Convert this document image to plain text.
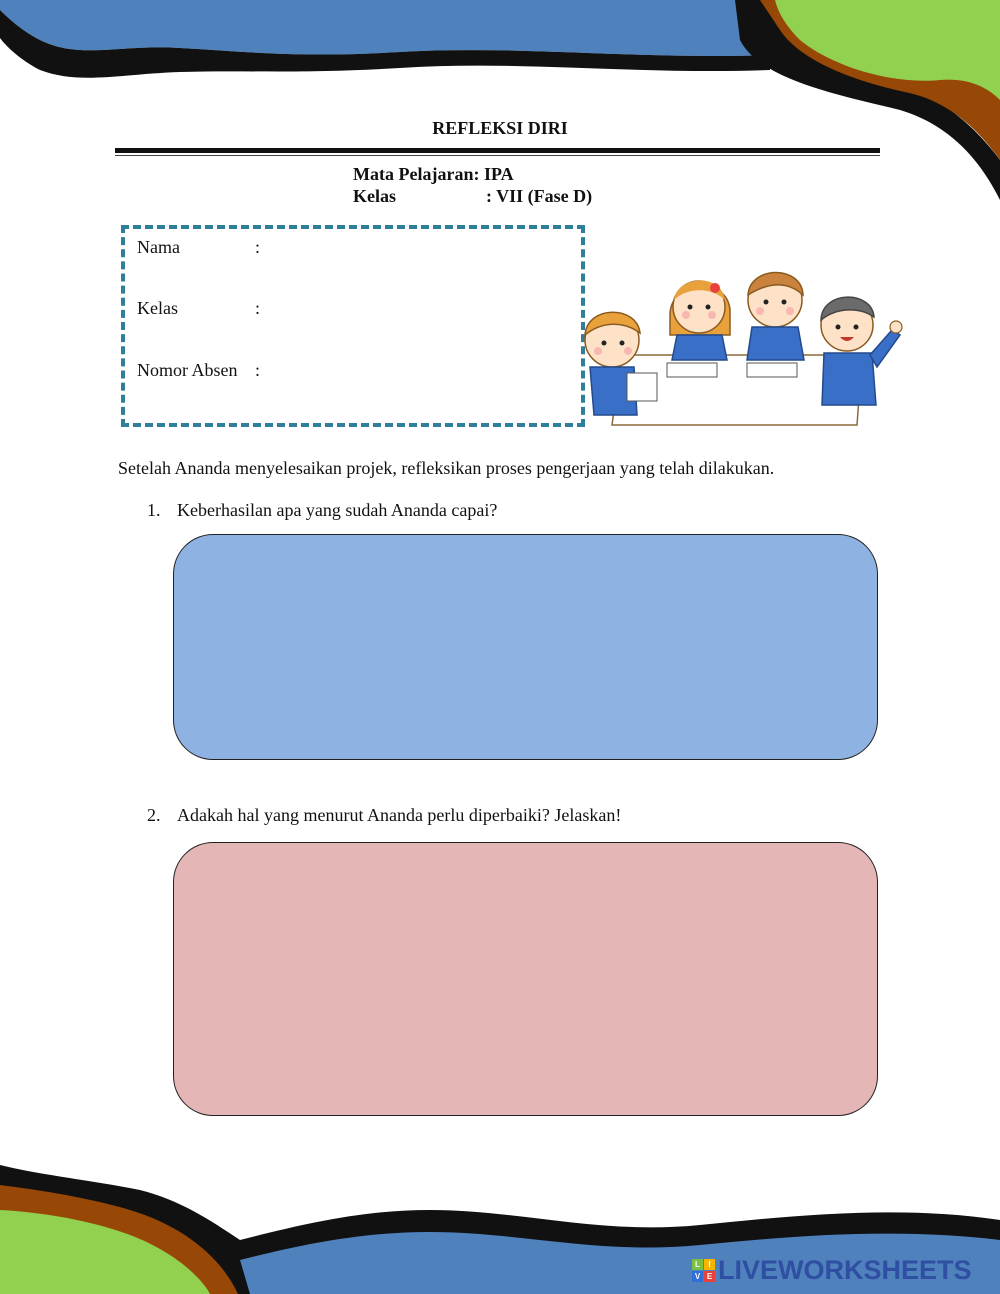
REFLEKSI DIRI
Mata Pelajaran: IPA
Kelas	: VII (Fase D)
Nama	:
Kelas	:
Nomor Absen :
Setelah Ananda menyelesaikan projek, refleksikan proses pengerjaan yang telah dilakukan.
1. Keberhasilan apa yang sudah Ananda capai?
2. Adakah hal yang menurut Ananda perlu diperbaiki? Jelaskan!
L	I
V E LIVEWORKSHEETS
